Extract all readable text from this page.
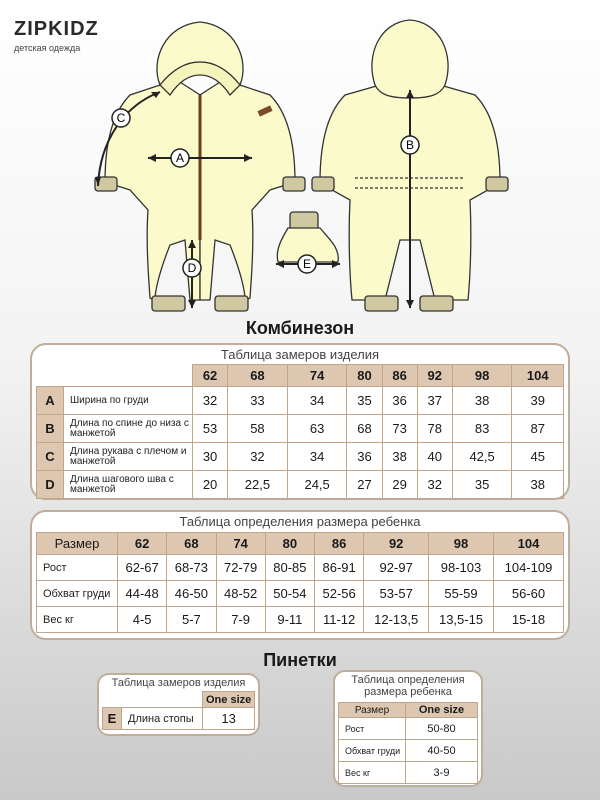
ZIPKIDZ
детская одежда
A
B
C
D	E
Комбинезон
Таблица замеров изделия
		62	68	74	80	86	92	98	104
A	Ширина по груди	32	33	34	35	36	37	38	39
B	Длина по спине до низа с манжетой	53	58	63	68	73	78	83	87
C	Длина рукава с плечом и манжетой	30	32	34	36	38	40	42,5	45
D	Длина шагового шва с манжетой	20	22,5	24,5	27	29	32	35	38
Таблица определения размера ребенка
Размер	62	68	74	80	86	92	98	104
Рост	62-67	68-73	72-79	80-85	86-91	92-97	98-103	104-109
Обхват груди	44-48	46-50	48-52	50-54	52-56	53-57	55-59	56-60
Вес кг	4-5	5-7	7-9	9-11	11-12	12-13,5	13,5-15	15-18
Пинетки
Таблица замеров изделия
		One size
E	Длина стопы	13
Таблица определения размера ребенка
Размер	One size
Рост	50-80
Обхват груди	40-50
Вес кг	3-9
